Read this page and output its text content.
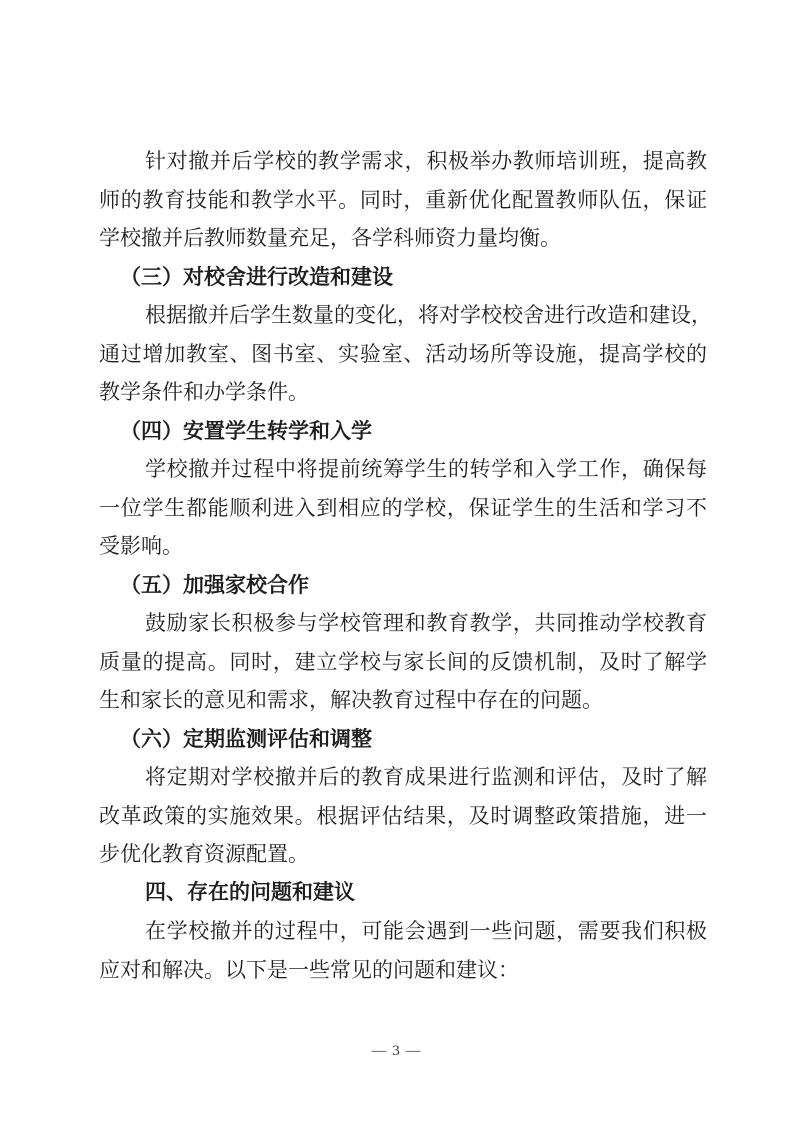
针对撤并后学校的教学需求，积极举办教师培训班，提高教
师的教育技能和教学水平。同时，重新优化配置教师队伍，保证
学校撤并后教师数量充足，各学科师资力量均衡。
（三）对校舍进行改造和建设
根据撤并后学生数量的变化，将对学校校舍进行改造和建设，
通过增加教室、图书室、实验室、活动场所等设施，提高学校的
教学条件和办学条件。
（四）安置学生转学和入学
学校撤并过程中将提前统筹学生的转学和入学工作，确保每
一位学生都能顺利进入到相应的学校，保证学生的生活和学习不
受影响。
（五）加强家校合作
鼓励家长积极参与学校管理和教育教学，共同推动学校教育
质量的提高。同时，建立学校与家长间的反馈机制，及时了解学
生和家长的意见和需求，解决教育过程中存在的问题。
（六）定期监测评估和调整
将定期对学校撤并后的教育成果进行监测和评估，及时了解
改革政策的实施效果。根据评估结果，及时调整政策措施，进一
步优化教育资源配置。
四、存在的问题和建议
在学校撤并的过程中，可能会遇到一些问题，需要我们积极
应对和解决。以下是一些常见的问题和建议：
— 3 —
